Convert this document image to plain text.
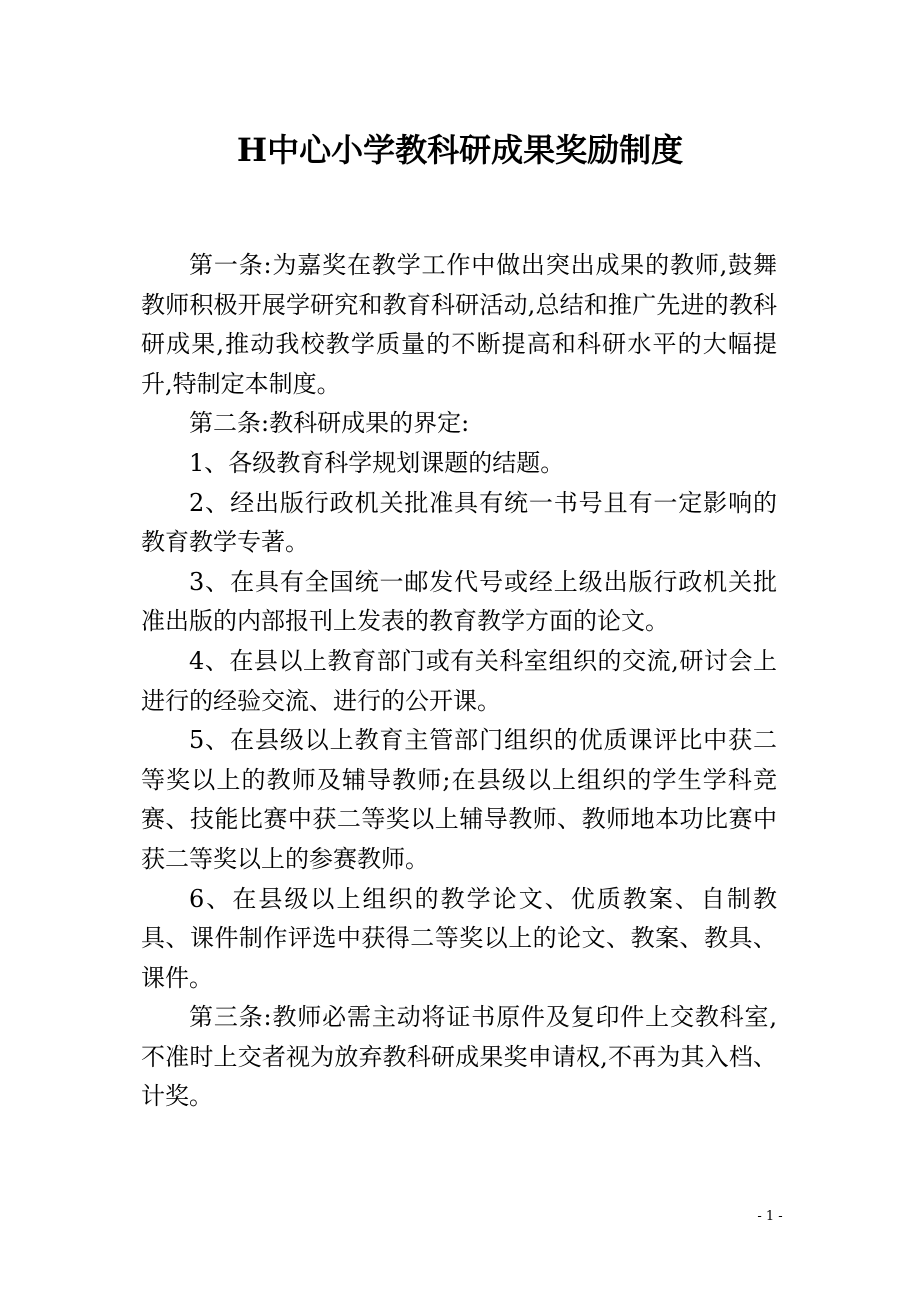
H中心小学教科研成果奖励制度

第一条:为嘉奖在教学工作中做出突出成果的教师,鼓舞教师积极开展学研究和教育科研活动,总结和推广先进的教科研成果,推动我校教学质量的不断提高和科研水平的大幅提升,特制定本制度。

第二条:教科研成果的界定:

1、各级教育科学规划课题的结题。

2、经出版行政机关批准具有统一书号且有一定影响的教育教学专著。

3、在具有全国统一邮发代号或经上级出版行政机关批准出版的内部报刊上发表的教育教学方面的论文。

4、在县以上教育部门或有关科室组织的交流,研讨会上进行的经验交流、进行的公开课。

5、在县级以上教育主管部门组织的优质课评比中获二等奖以上的教师及辅导教师;在县级以上组织的学生学科竞赛、技能比赛中获二等奖以上辅导教师、教师地本功比赛中获二等奖以上的参赛教师。

6、在县级以上组织的教学论文、优质教案、自制教具、课件制作评选中获得二等奖以上的论文、教案、教具、课件。

第三条:教师必需主动将证书原件及复印件上交教科室,不准时上交者视为放弃教科研成果奖申请权,不再为其入档、计奖。

- 1 -
